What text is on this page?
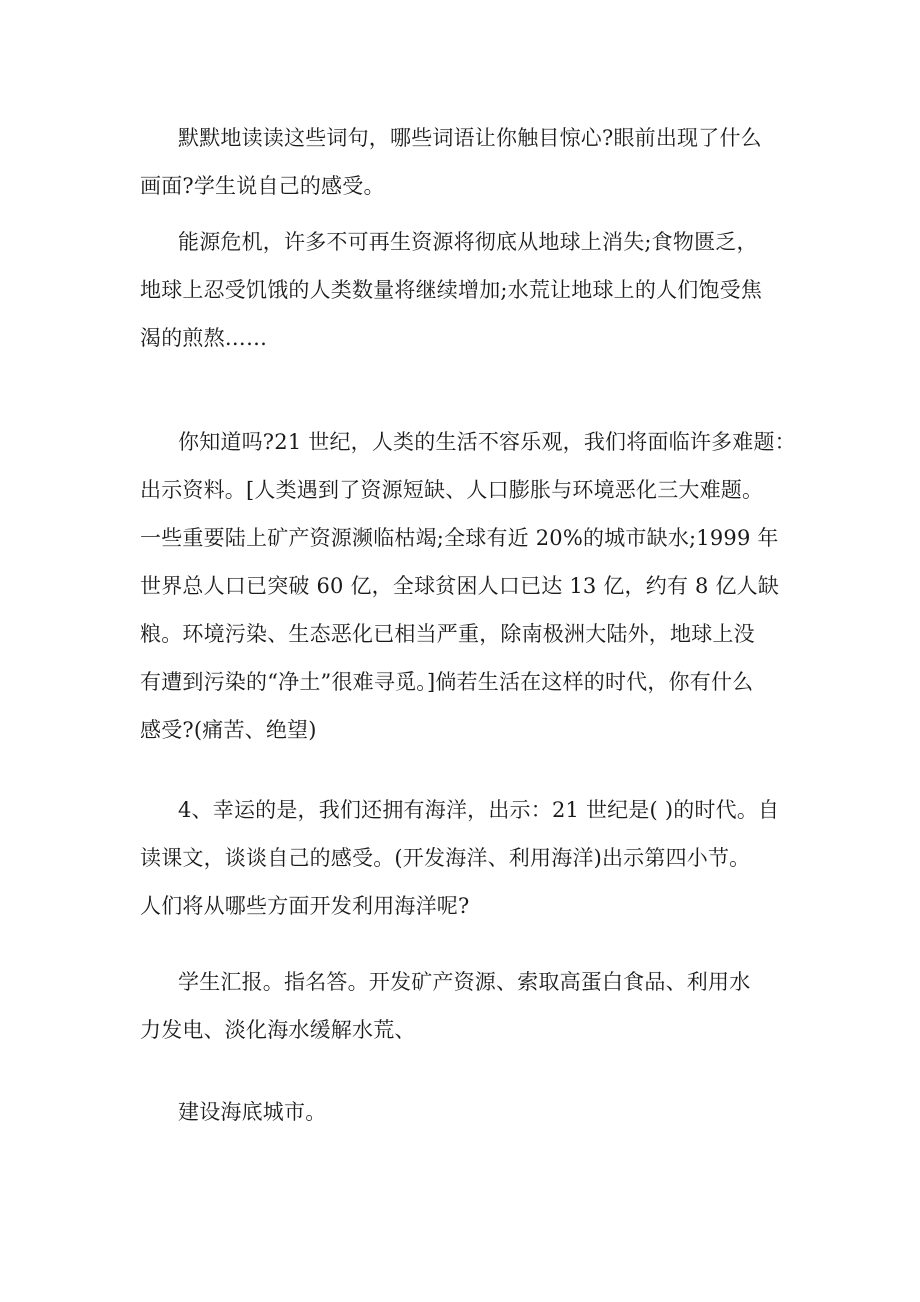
默默地读读这些词句，哪些词语让你触目惊心?眼前出现了什么
画面?学生说自己的感受。

能源危机，许多不可再生资源将彻底从地球上消失;食物匮乏，
地球上忍受饥饿的人类数量将继续增加;水荒让地球上的人们饱受焦
渴的煎熬……

你知道吗?21 世纪，人类的生活不容乐观，我们将面临许多难题：
出示资料。[人类遇到了资源短缺、人口膨胀与环境恶化三大难题。
一些重要陆上矿产资源濒临枯竭;全球有近 20%的城市缺水;1999 年
世界总人口已突破 60 亿，全球贫困人口已达 13 亿，约有 8 亿人缺
粮。环境污染、生态恶化已相当严重，除南极洲大陆外，地球上没
有遭到污染的“净土”很难寻觅。]倘若生活在这样的时代，你有什么
感受?(痛苦、绝望)

4、幸运的是，我们还拥有海洋，出示：21 世纪是( )的时代。自
读课文，谈谈自己的感受。(开发海洋、利用海洋)出示第四小节。
人们将从哪些方面开发利用海洋呢?

学生汇报。指名答。开发矿产资源、索取高蛋白食品、利用水
力发电、淡化海水缓解水荒、

建设海底城市。
